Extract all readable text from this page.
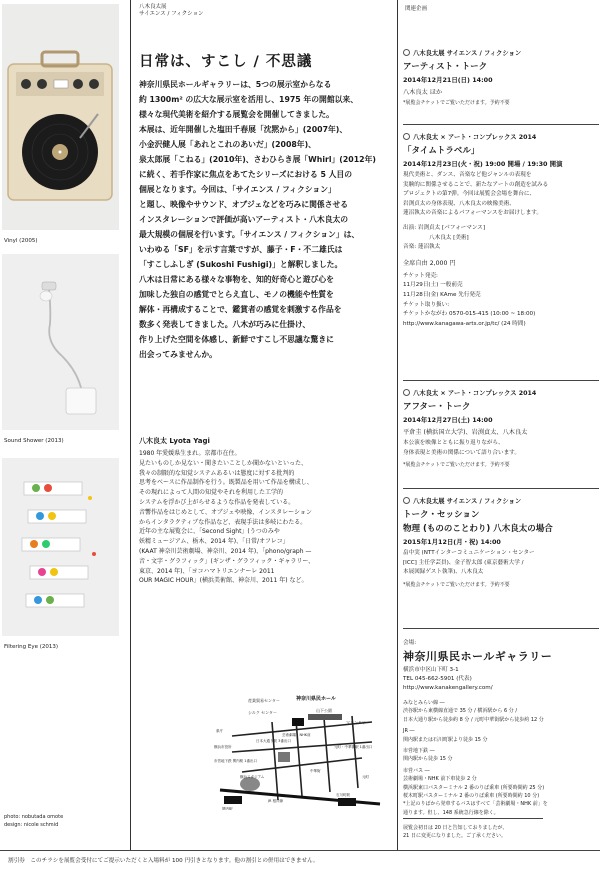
Vinyl (2005)
Sound Shower (2013)
Filtering Eye (2013)
photo: nobutada omote
design: nicole schmid
八木良太展
サイエンス / フィクション
日常は、すこし / 不思議

神奈川県民ホールギャラリーは、5つの展示室からなる

約 1300m² の広大な展示室を活用し、1975 年の開館以来、

様々な現代美術を紹介する展覧会を開催してきました。

本展は、近年開催した塩田千春展「沈黙から」(2007年)、

小金沢健人展「あれとこれのあいだ」(2008年)、

泉太郎展「こねる」(2010年)、さわひらき展「Whirl」(2012年)

に続く、若手作家に焦点をあてたシリーズにおける 5 人目の

個展となります。今回は、「サイエンス / フィクション」

と題し、映像やサウンド、オブジェなどを巧みに関係させる

インスタレーションで評価が高いアーティスト・八木良太の

最大規模の個展を行います。「サイエンス / フィクション」は、

いわゆる「SF」を示す言葉ですが、藤子・F・不二雄氏は

「すこしふしぎ (Sukoshi Fushigi)」と解釈しました。

八木は日常にある様々な事物を、知的好奇心と遊び心を

加味した独自の感覚でとらえ直し、モノの機能や性質を

解体・再構成することで、鑑賞者の感覚を刺激する作品を

数多く発表してきました。八木が巧みに仕掛け、

作り上げた空間を体感し、新鮮ですこし不思議な驚きに

出会ってみませんか。

八木良太 Lyota Yagi

1980 年愛媛県生まれ。京都市在住。

見たいものしか見ない・聞きたいことしか聞かないといった、

我々の制限的な知覚システムあるいは態度に対する批判的

思考をベースに作品制作を行う。既製品を用いて作品を構成し、

その現れによって人間の知覚やそれを利用した工学的

システムを浮かび上がらせるような作品を発表している。

音響作品をはじめとして、オブジェや映像、インスタレーション

からインタラクティブな作品など、表現手法は多岐にわたる。

近年の主な展覧会に、「Second Sight」(うつのみや

妖精ミュージアム、栃木、2014 年)、「日常/オフレコ」

(KAAT 神奈川芸術劇場、神奈川、2014 年)、「phono/graph —

音・文字・グラフィック」(ギンザ・グラフィック・ギャラリー、

東京、2014 年)、「ヨコハマトリエンナーレ 2011

OUR MAGIC HOUR」(横浜美術館、神奈川、2011 年) など。

産業貿易センター
シルク センター
神奈川県民ホール
山下公園
マリンタワー
横浜スタジアム
日本大通り駅 3番出口
元町・中華街駅 1番出口
芸術劇場・NHK前
中華街
元町
関内駅
JR 根岸線
石川町駅
県庁
横浜市役所
市営地下鉄 関内駅 1番出口
関連企画
八木良太展 サイエンス / フィクション
アーティスト・トーク
2014年12月21日(日) 14:00
八木良太 ほか
*展覧会チケットでご覧いただけます。予約不要
八木良太 × アート・コンプレックス 2014
「タイムトラベル」
2014年12月23日(火・祝) 19:00 開場 / 19:30 開演

現代美術と、ダンス、音楽など他ジャンルの表現を

実験的に関係させることで、新たなアートの創造を試みる

プロジェクトの第7弾。今回は展覧会会場を舞台に、

岩渕貞太の身体表現、八木良太の映像美術、

蓮沼執太の音楽によるパフォーマンスをお届けします。

出演: 岩渕貞太 [パフォーマンス]

八木良太 [美術]

音楽: 蓮沼執太

全席自由 2,000 円

チケット発売:

11月29日(土) 一般前売

11月28日(金) KAme 先行発売

チケット取り扱い:

チケットかながわ 0570-015-415 (10:00 ~ 18:00)

http://www.kanagawa-arts.or.jp/tc/ (24 時間)

八木良太 × アート・コンプレックス 2014
アフター・トーク
2014年12月27日(土) 14:00
平倉圭 (横浜国立大学)、岩渕貞太、八木良太

本公演を映像とともに振り返りながら、

身体表現と美術の関係について語り合います。

*展覧会チケットでご覧いただけます。予約不要
八木良太展 サイエンス / フィクション
トーク・セッション
物理 (もののことわり) 八木良太の場合
2015年1月12日(月・祝) 14:00

畠中実 (NTTインターコミュニケーション・センター

[ICC] 主任学芸員)、金子智太郎 (東京藝術大学 /

本展図録ゲスト執筆)、八木良太

*展覧会チケットでご覧いただけます。予約不要
会場:
神奈川県民ホールギャラリー
横浜市中区山下町 3-1
TEL 045-662-5901 (代表)
http://www.kanakengallery.com/
みなとみらい線 ―
渋谷駅から東横線直通で 35 分 / 横浜駅から 6 分 /
日本大通り駅から徒歩約 8 分 / 元町中華街駅から徒歩約 12 分
JR ―
関内駅または石川町駅より徒歩 15 分
市営地下鉄 ―
関内駅から徒歩 15 分
市営バス ―
芸術劇場・NHK 前下車徒歩 2 分
横浜駅東口バスターミナル 2 番のりば乗車 (所要時間約 25 分)
桜木町駅バスターミナル 2 番のりば乗車 (所要時間約 10 分)
*上記のりばから発車するバスはすべて「芸術劇場・NHK 前」を
通ります。但し、148 系統急行線を除く。
展覧会初日は 20 日と告知しておりましたが、
21 日に変更になりました。ご了承ください。
割引券　このチラシを展覧会受付にてご提示いただくと入場料が 100 円引きとなります。他の割引との併用はできません。
